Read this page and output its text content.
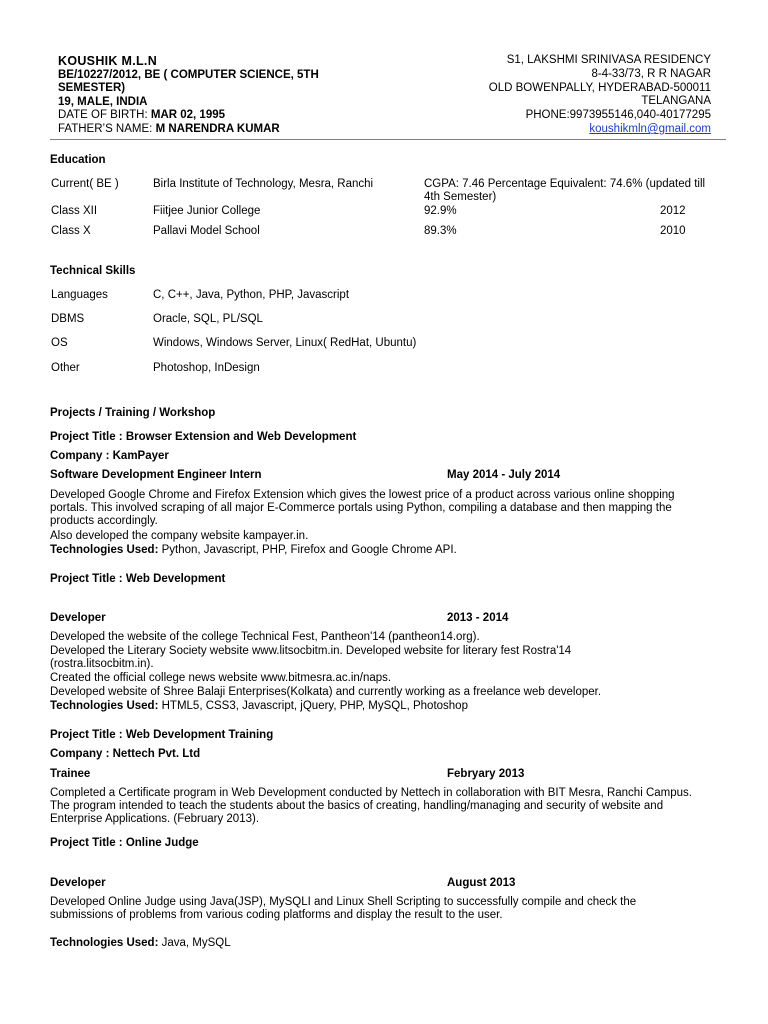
KOUSHIK M.L.N
BE/10227/2012, BE ( COMPUTER SCIENCE, 5TH
SEMESTER)
19, MALE, INDIA
DATE OF BIRTH: MAR 02, 1995
FATHER’S NAME: M NARENDRA KUMAR
S1, LAKSHMI SRINIVASA RESIDENCY
8-4-33/73, R R NAGAR
OLD BOWENPALLY, HYDERABAD-500011
TELANGANA
PHONE:9973955146,040-40177295
koushikmln@gmail.com
Education
Current( BE )	Birla Institute of Technology, Mesra, Ranchi	CGPA: 7.46 Percentage Equivalent: 74.6% (updated till 4th Semester)
Class XII	Fiitjee Junior College	92.9%	2012
Class X	Pallavi Model School	89.3%	2010
Technical Skills
Languages	C, C++, Java, Python, PHP, Javascript
DBMS	Oracle, SQL, PL/SQL
OS	Windows, Windows Server, Linux( RedHat, Ubuntu)
Other	Photoshop, InDesign
Projects / Training / Workshop
Project Title : Browser Extension and Web Development
Company : KamPayer
Software Development Engineer Intern	May 2014 - July 2014
Developed Google Chrome and Firefox Extension which gives the lowest price of a product across various online shopping portals. This involved scraping of all major E-Commerce portals using Python, compiling a database and then mapping the products accordingly.
Also developed the company website kampayer.in.
Technologies Used: Python, Javascript, PHP, Firefox and Google Chrome API.
Project Title : Web Development
Developer	2013 - 2014
Developed the website of the college Technical Fest, Pantheon'14 (pantheon14.org).
Developed the Literary Society website www.litsocbitm.in. Developed website for literary fest Rostra'14 (rostra.litsocbitm.in).
Created the official college news website www.bitmesra.ac.in/naps.
Developed website of Shree Balaji Enterprises(Kolkata) and currently working as a freelance web developer.
Technologies Used: HTML5, CSS3, Javascript, jQuery, PHP, MySQL, Photoshop
Project Title : Web Development Training
Company : Nettech Pvt. Ltd
Trainee	Febryary 2013
Completed a Certificate program in Web Development conducted by Nettech in collaboration with BIT Mesra, Ranchi Campus. The program intended to teach the students about the basics of creating, handling/managing and security of website and Enterprise Applications. (February 2013).
Project Title : Online Judge
Developer	August 2013
Developed Online Judge using Java(JSP), MySQLI and Linux Shell Scripting to successfully compile and check the submissions of problems from various coding platforms and display the result to the user.
Technologies Used: Java, MySQL
